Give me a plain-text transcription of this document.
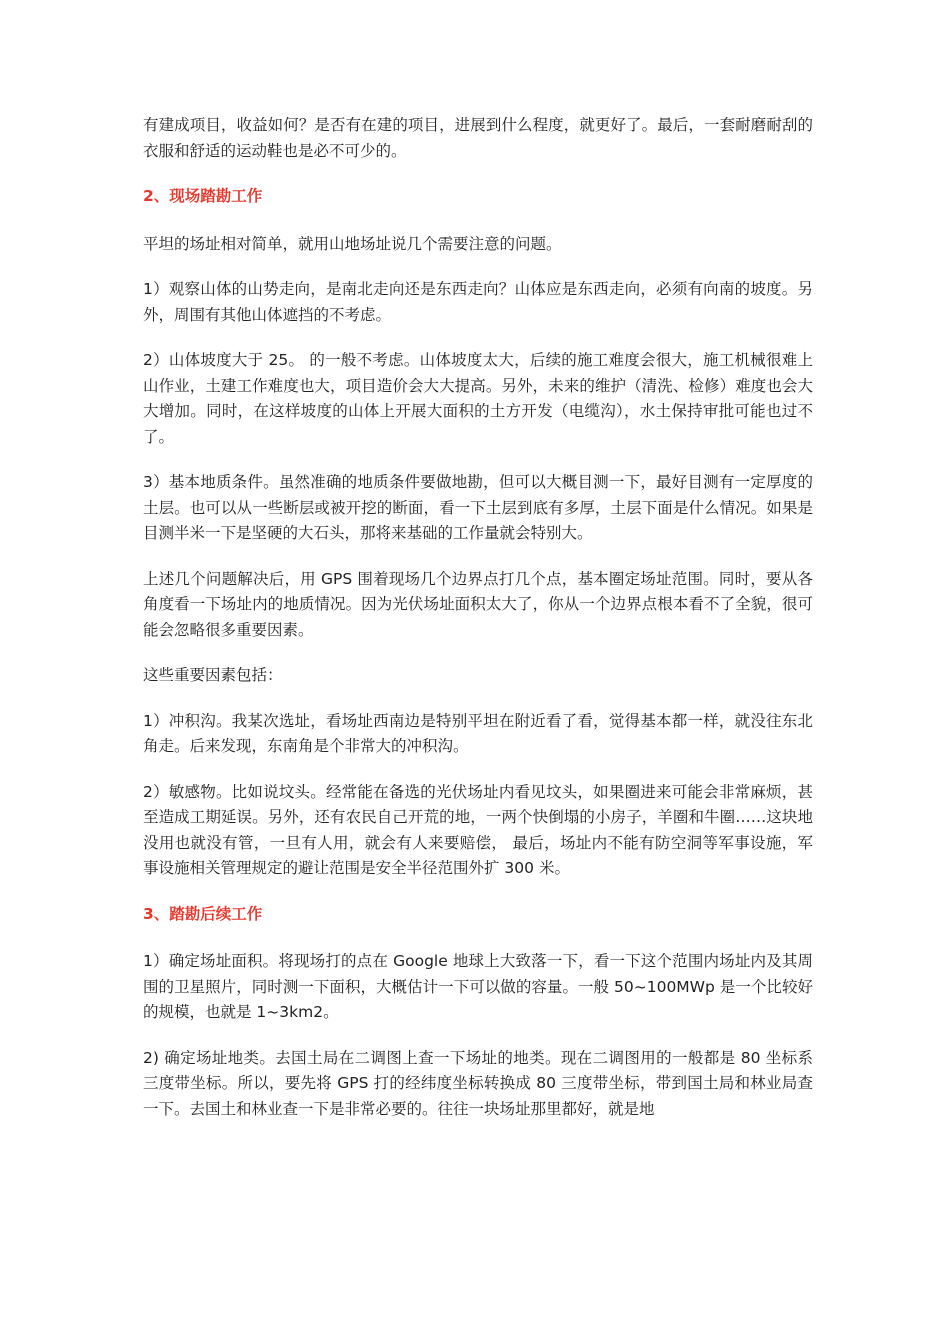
有建成项目，收益如何？是否有在建的项目，进展到什么程度，就更好了。最后，一套耐磨耐刮的衣服和舒适的运动鞋也是必不可少的。

2、现场踏勘工作

平坦的场址相对简单，就用山地场址说几个需要注意的问题。

1）观察山体的山势走向，是南北走向还是东西走向？山体应是东西走向，必须有向南的坡度。另外，周围有其他山体遮挡的不考虑。

2）山体坡度大于 25。 的一般不考虑。山体坡度太大，后续的施工难度会很大，施工机械很难上山作业，土建工作难度也大，项目造价会大大提高。另外，未来的维护（清洗、检修）难度也会大大增加。同时，在这样坡度的山体上开展大面积的土方开发（电缆沟），水土保持审批可能也过不了。

3）基本地质条件。虽然准确的地质条件要做地勘，但可以大概目测一下，最好目测有一定厚度的土层。也可以从一些断层或被开挖的断面，看一下土层到底有多厚，土层下面是什么情况。如果是目测半米一下是坚硬的大石头，那将来基础的工作量就会特别大。

上述几个问题解决后，用 GPS 围着现场几个边界点打几个点，基本圈定场址范围。同时，要从各角度看一下场址内的地质情况。因为光伏场址面积太大了，你从一个边界点根本看不了全貌，很可能会忽略很多重要因素。

这些重要因素包括：

1）冲积沟。我某次选址，看场址西南边是特别平坦在附近看了看，觉得基本都一样，就没往东北角走。后来发现，东南角是个非常大的冲积沟。

2）敏感物。比如说坟头。经常能在备选的光伏场址内看见坟头，如果圈进来可能会非常麻烦，甚至造成工期延误。另外，还有农民自己开荒的地，一两个快倒塌的小房子，羊圈和牛圈……这块地没用也就没有管，一旦有人用，就会有人来要赔偿， 最后，场址内不能有防空洞等军事设施，军事设施相关管理规定的避让范围是安全半径范围外扩 300 米。

3、踏勘后续工作

1）确定场址面积。将现场打的点在 Google 地球上大致落一下，看一下这个范围内场址内及其周围的卫星照片，同时测一下面积，大概估计一下可以做的容量。一般 50~100MWp 是一个比较好的规模，也就是 1~3km2。

2) 确定场址地类。去国土局在二调图上查一下场址的地类。现在二调图用的一般都是 80 坐标系三度带坐标。所以，要先将 GPS 打的经纬度坐标转换成 80 三度带坐标，带到国土局和林业局查一下。去国土和林业查一下是非常必要的。往往一块场址那里都好，就是地
